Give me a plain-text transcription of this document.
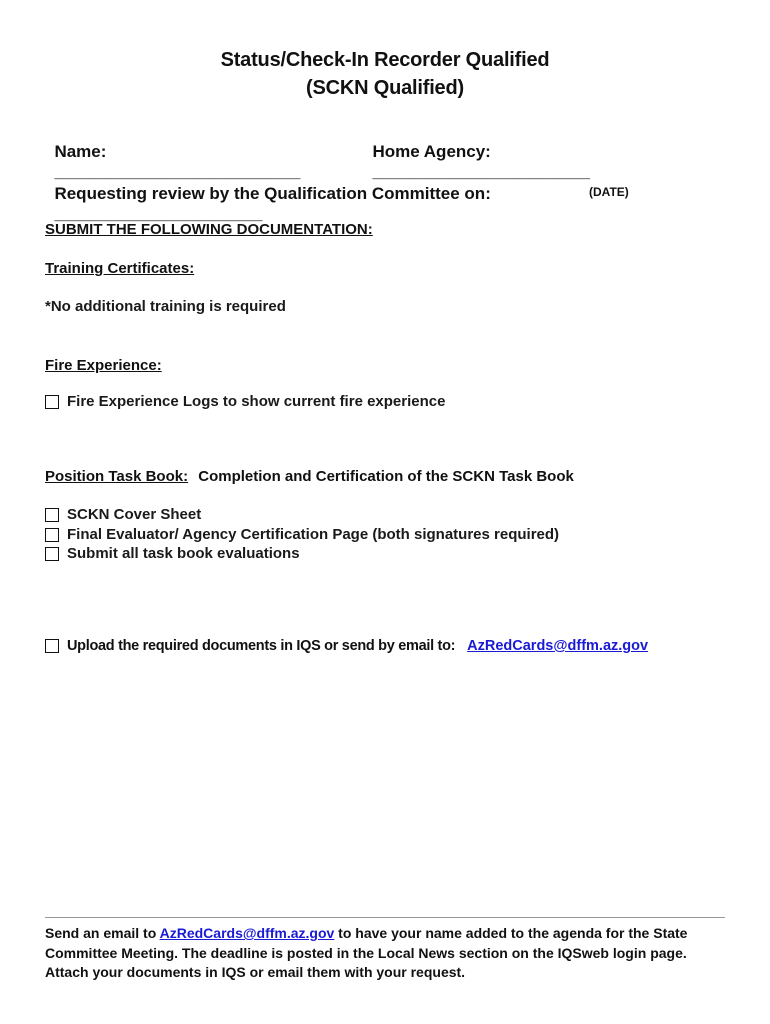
Status/Check-In Recorder Qualified
(SCKN Qualified)

Name:
__________________________

Home Agency:
_______________________

Requesting review by the Qualification Committee on:
______________________

(DATE)
SUBMIT THE FOLLOWING DOCUMENTATION:
Training Certificates:
*No additional training is required
Fire Experience:
Fire Experience Logs to show current fire experience
Position Task Book: Completion and Certification of the SCKN Task Book
SCKN Cover Sheet
Final Evaluator/ Agency Certification Page (both signatures required)
Submit all task book evaluations
Upload the required documents in IQS or send by email to: AzRedCards@dffm.az.gov
Send an email to AzRedCards@dffm.az.gov to have your name added to the agenda for the State Committee Meeting. The deadline is posted in the Local News section on the IQSweb login page. Attach your documents in IQS or email them with your request.
